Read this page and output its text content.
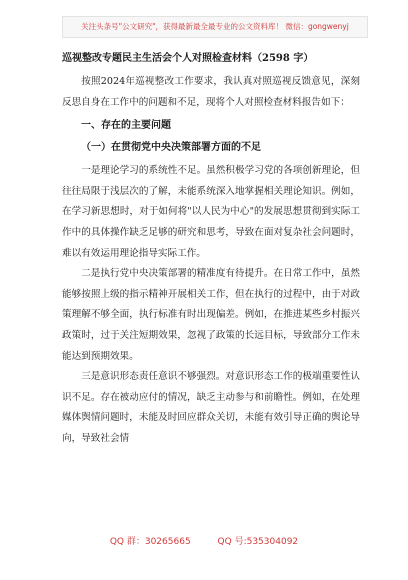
关注头条号"公文研究"，获得最新最全最专业的公文资料库！ 微信：gongwenyj
巡视整改专题民主生活会个人对照检查材料（2598 字）

按照2024年巡视整改工作要求，我认真对照巡视反馈意见，深刻反思自身在工作中的问题和不足，现将个人对照检查材料报告如下：

一、存在的主要问题
（一）在贯彻党中央决策部署方面的不足

一是理论学习的系统性不足。虽然积极学习党的各项创新理论，但往往局限于浅层次的了解，未能系统深入地掌握相关理论知识。例如，在学习新思想时，对于如何将"以人民为中心"的发展思想贯彻到实际工作中的具体操作缺乏足够的研究和思考，导致在面对复杂社会问题时，难以有效运用理论指导实际工作。

二是执行党中央决策部署的精准度有待提升。在日常工作中，虽然能够按照上级的指示精神开展相关工作，但在执行的过程中，由于对政策理解不够全面，执行标准有时出现偏差。例如，在推进某些乡村振兴政策时，过于关注短期效果，忽视了政策的长远目标，导致部分工作未能达到预期效果。

三是意识形态责任意识不够强烈。对意识形态工作的极端重要性认识不足。存在被动应付的情况，缺乏主动参与和前瞻性。例如，在处理媒体舆情问题时，未能及时回应群众关切，未能有效引导正确的舆论导向，导致社会情

QQ 群：30265665	QQ 号:535304092
